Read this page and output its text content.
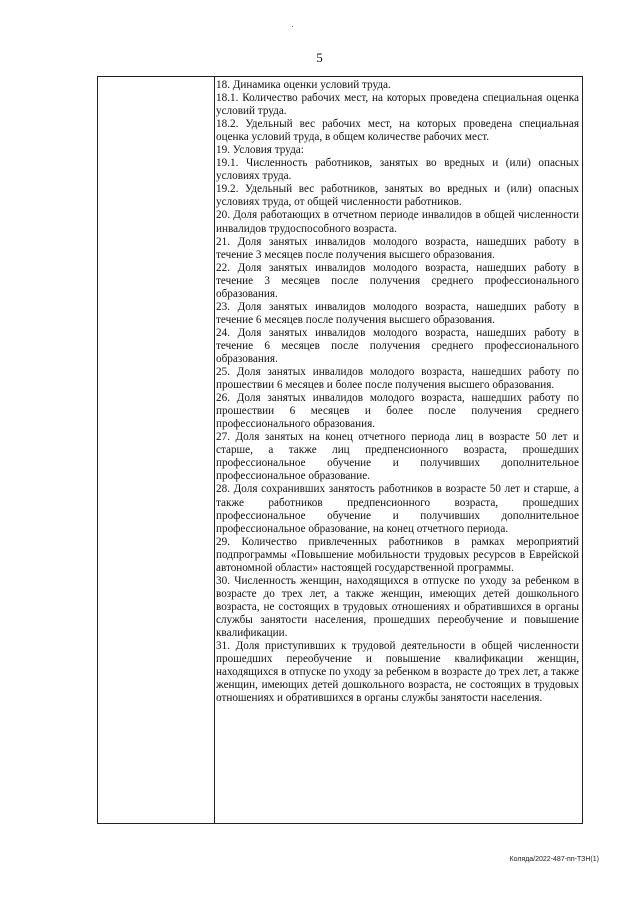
5

18. Динамика оценки условий труда.

18.1. Количество рабочих мест, на которых проведена специальная оценка условий труда.

18.2. Удельный вес рабочих мест, на которых проведена специальная оценка условий труда, в общем количестве рабочих мест.

19. Условия труда:

19.1. Численность работников, занятых во вредных и (или) опасных условиях труда.

19.2. Удельный вес работников, занятых во вредных и (или) опасных условиях труда, от общей численности работников.

20. Доля работающих в отчетном периоде инвалидов в общей численности инвалидов трудоспособного возраста.

21. Доля занятых инвалидов молодого возраста, нашедших работу в течение 3 месяцев после получения высшего образования.

22. Доля занятых инвалидов молодого возраста, нашедших работу в течение 3 месяцев после получения среднего профессионального образования.

23. Доля занятых инвалидов молодого возраста, нашедших работу в течение 6 месяцев после получения высшего образования.

24. Доля занятых инвалидов молодого возраста, нашедших работу в течение 6 месяцев после получения среднего профессионального образования.

25. Доля занятых инвалидов молодого возраста, нашедших работу по прошествии 6 месяцев и более после получения высшего образования.

26. Доля занятых инвалидов молодого возраста, нашедших работу по прошествии 6 месяцев и более после получения среднего профессионального образования.

27. Доля занятых на конец отчетного периода лиц в возрасте 50 лет и старше, а также лиц предпенсионного возраста, прошедших профессиональное обучение и получивших дополнительное профессиональное образование.

28. Доля сохранивших занятость работников в возрасте 50 лет и старше, а также работников предпенсионного возраста, прошедших профессиональное обучение и получивших дополнительное профессиональное образование, на конец отчетного периода.

29. Количество привлеченных работников в рамках мероприятий подпрограммы «Повышение мобильности трудовых ресурсов в Еврейской автономной области» настоящей государственной программы.

30. Численность женщин, находящихся в отпуске по уходу за ребенком в возрасте до трех лет, а также женщин, имеющих детей дошкольного возраста, не состоящих в трудовых отношениях и обратившихся в органы службы занятости населения, прошедших переобучение и повышение квалификации.

31. Доля приступивших к трудовой деятельности в общей численности прошедших переобучение и повышение квалификации женщин, находящихся в отпуске по уходу за ребенком в возрасте до трех лет, а также женщин, имеющих детей дошкольного возраста, не состоящих в трудовых отношениях и обратившихся в органы службы занятости населения.

Коляда/2022-487-пп-ТЗН(1)
